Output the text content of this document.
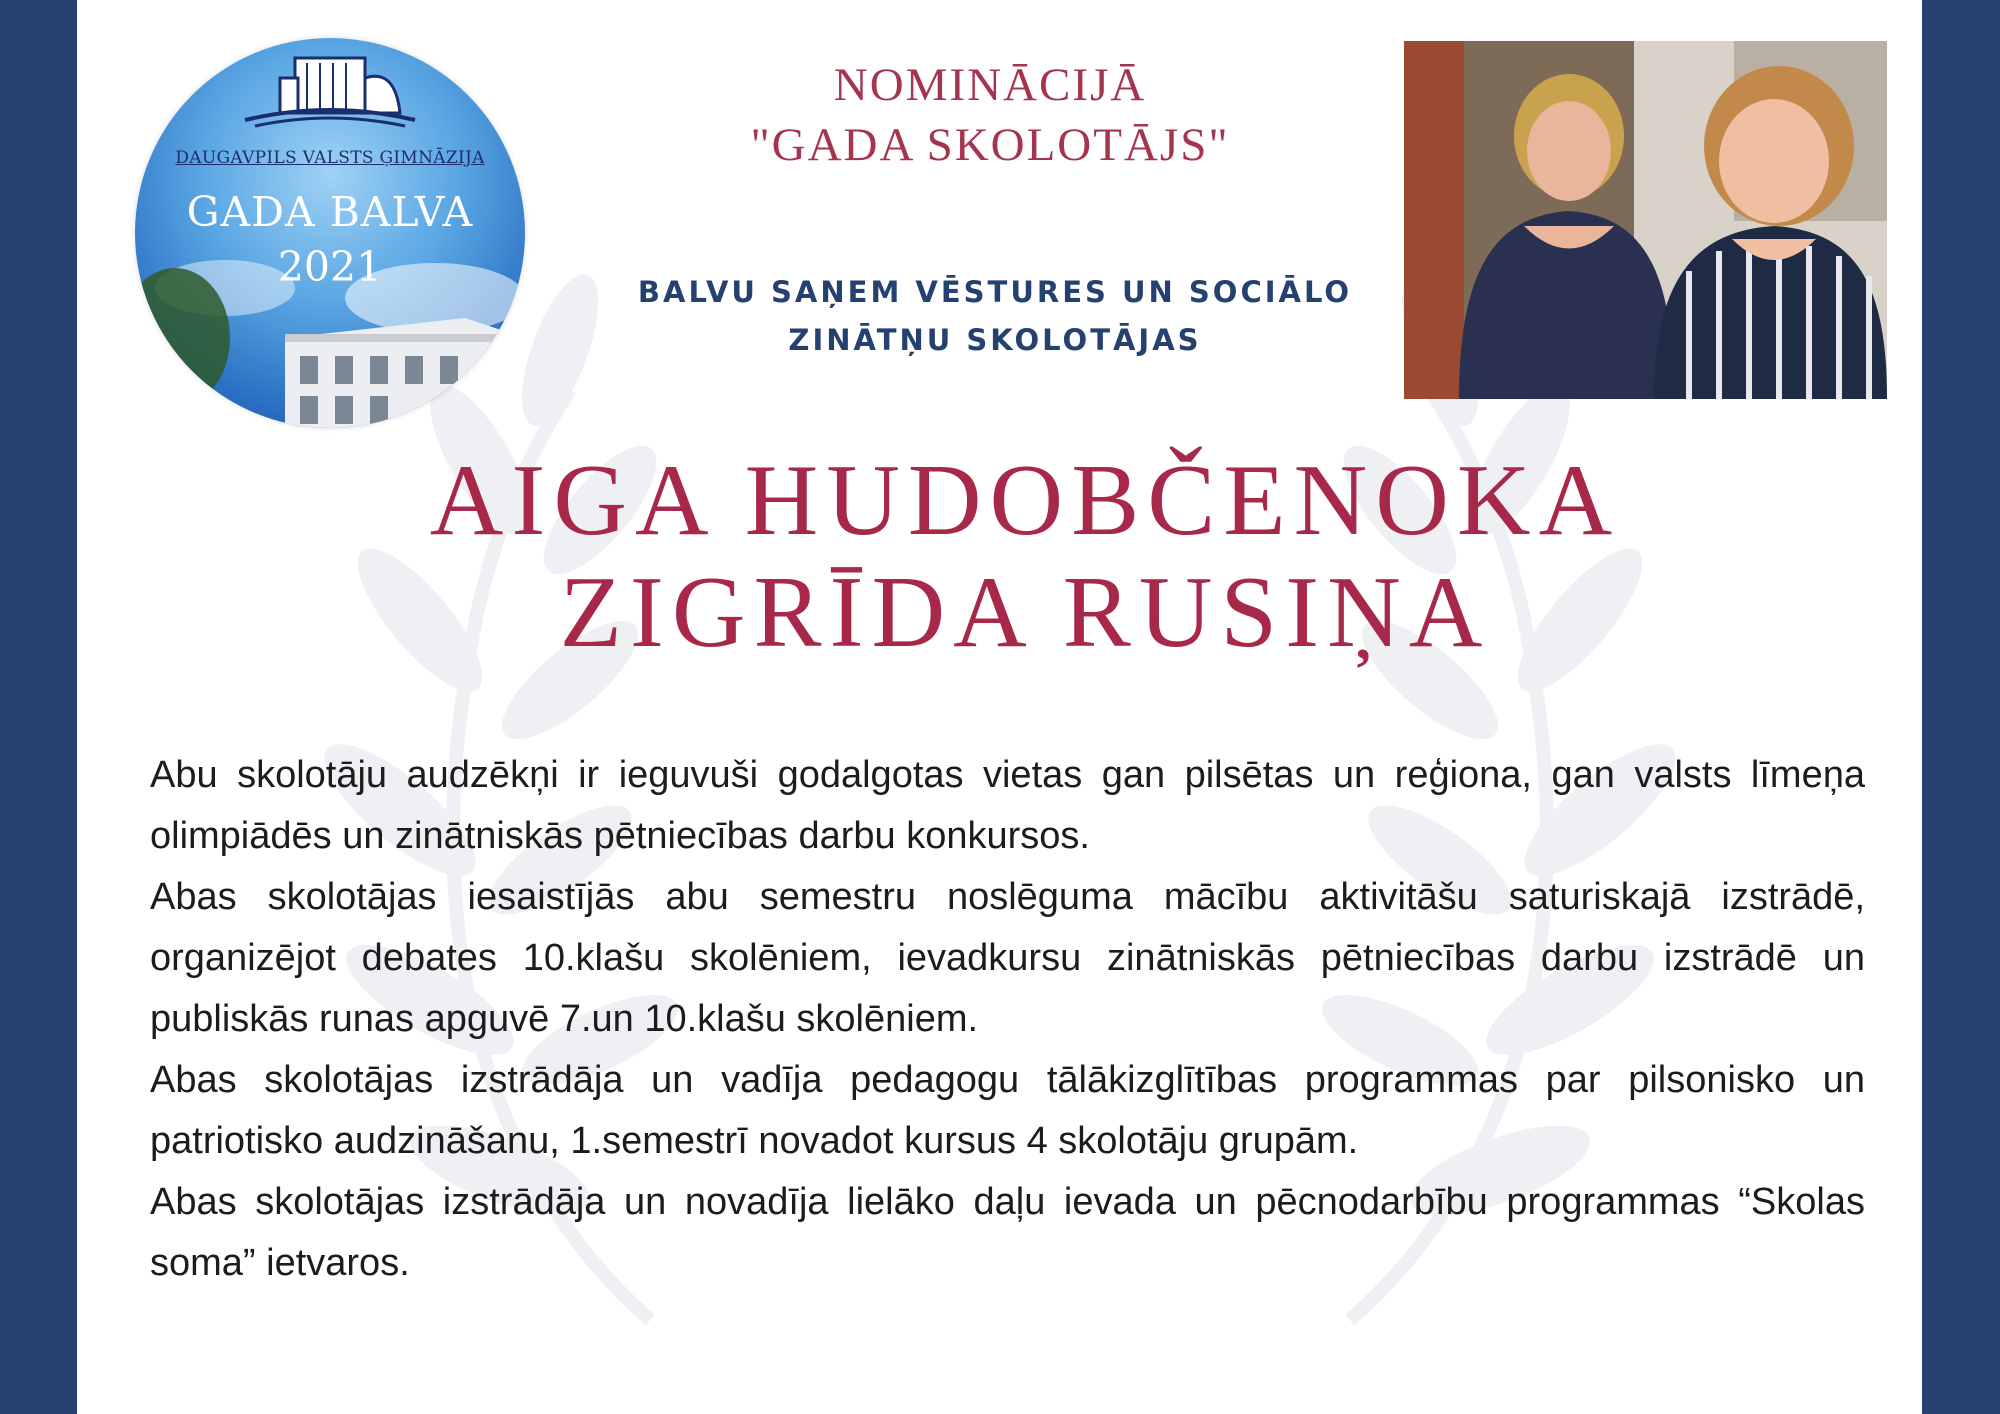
DAUGAVPILS VALSTS ĢIMNĀZIJA
GADA BALVA
2021
NOMINĀCIJĀ
"GADA SKOLOTĀJS"
BALVU SAŅEM VĒSTURES UN SOCIĀLO
ZINĀTŅU SKOLOTĀJAS
AIGA HUDOBČENOKA
ZIGRĪDA RUSIŅA

Abu skolotāju audzēkņi ir ieguvuši godalgotas vietas gan pilsētas un reģiona, gan valsts līmeņa olimpiādēs un zinātniskās pētniecības darbu konkursos.

Abas skolotājas iesaistījās abu semestru noslēguma mācību aktivitāšu saturiskajā izstrādē, organizējot debates 10.klašu skolēniem, ievadkursu zinātniskās pētniecības darbu izstrādē un publiskās runas apguvē 7.un 10.klašu skolēniem.

Abas skolotājas izstrādāja un vadīja pedagogu tālākizglītības programmas par pilsonisko un patriotisko audzināšanu, 1.semestrī novadot kursus 4 skolotāju grupām.

Abas skolotājas izstrādāja un novadīja lielāko daļu ievada un pēcnodarbību programmas “Skolas soma” ietvaros.
